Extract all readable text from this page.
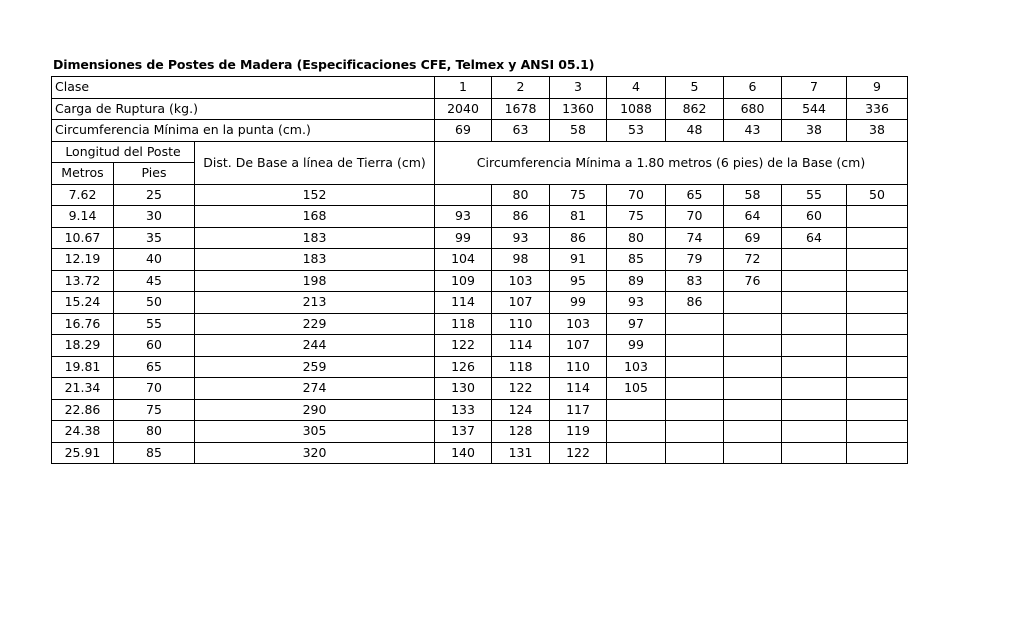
Dimensiones de Postes de Madera (Especificaciones CFE, Telmex y ANSI 05.1)
Clase			1	2	3	4	5	6	7	9
Carga de Ruptura (kg.)			2040	1678	1360	1088	862	680	544	336
Circumferencia Mínima en la punta (cm.)			69	63	58	53	48	43	38	38
Longitud del Poste		Dist. De Base a línea de Tierra (cm)	Circumferencia Mínima a 1.80 metros (6 pies) de la Base (cm)							
Metros	Pies									
7.62	25	152		80	75	70	65	58	55	50
9.14	30	168	93	86	81	75	70	64	60	
10.67	35	183	99	93	86	80	74	69	64	
12.19	40	183	104	98	91	85	79	72		
13.72	45	198	109	103	95	89	83	76		
15.24	50	213	114	107	99	93	86			
16.76	55	229	118	110	103	97				
18.29	60	244	122	114	107	99				
19.81	65	259	126	118	110	103				
21.34	70	274	130	122	114	105				
22.86	75	290	133	124	117					
24.38	80	305	137	128	119					
25.91	85	320	140	131	122					
